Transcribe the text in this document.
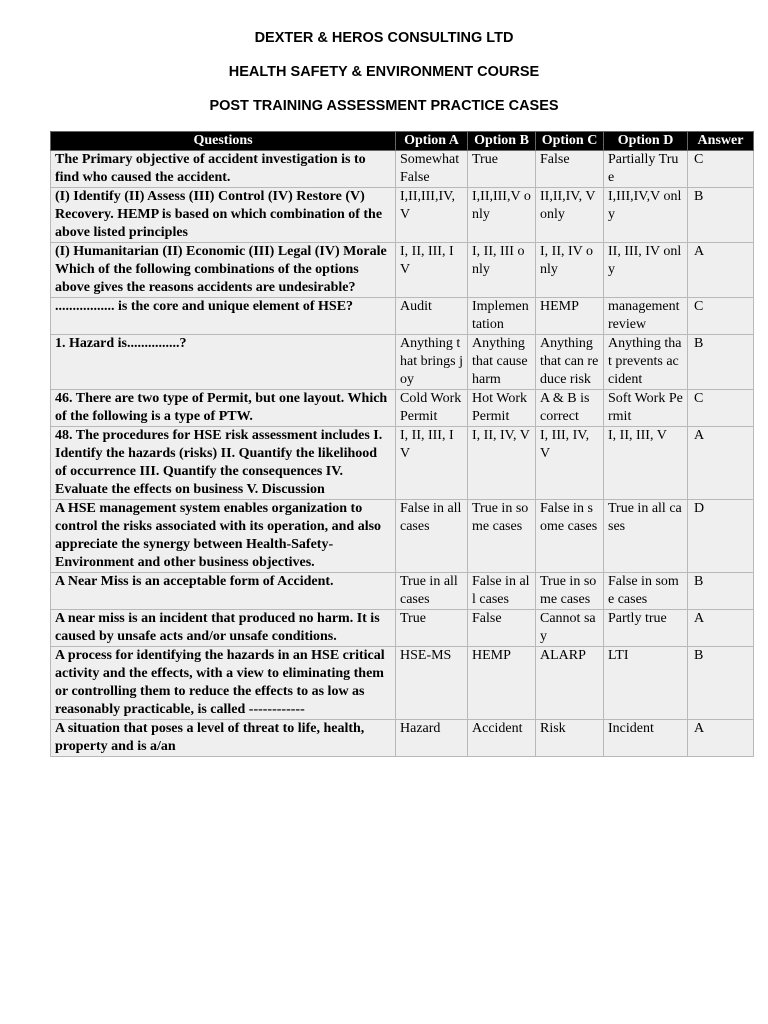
DEXTER & HEROS CONSULTING LTD
HEALTH SAFETY & ENVIRONMENT COURSE
POST TRAINING ASSESSMENT PRACTICE CASES
Questions	Option A	Option B	Option C	Option D	Answer
The Primary objective of accident investigation is to find who caused the accident.	Somewhat False	True	False	Partially True	C
(I) Identify (II) Assess (III) Control (IV) Restore (V) Recovery. HEMP is based on which combination of the above listed principles	I,II,III,IV,V	I,II,III,V only	II,II,IV, V only	I,III,IV,V only	B
(I) Humanitarian (II) Economic (III) Legal (IV) Morale Which of the following combinations of the options above gives the reasons accidents are undesirable?	I, II, III, IV	I, II, III only	I, II, IV only	II, III, IV only	A
................. is the core and unique element of HSE?	Audit	Implementation	HEMP	management review	C
1. Hazard is...............?	Anything that brings joy	Anything that cause harm	Anything that can reduce risk	Anything that prevents accident	B
46. There are two type of Permit, but one layout. Which of the following is a type of PTW.	Cold Work Permit	Hot Work Permit	A & B is correct	Soft Work Permit	C
48. The procedures for HSE risk assessment includes I. Identify the hazards (risks) II. Quantify the likelihood of occurrence III. Quantify the consequences IV. Evaluate the effects on business V. Discussion	I, II, III, IV	I, II, IV, V	I, III, IV, V	I, II, III, V	A
A HSE management system enables organization to control the risks associated with its operation, and also appreciate the synergy between Health-Safety-Environment and other business objectives.	False in all cases	True in some cases	False in some cases	True in all cases	D
A Near Miss is an acceptable form of Accident.	True in all cases	False in all cases	True in some cases	False in some cases	B
A near miss is an incident that produced no harm. It is caused by unsafe acts and/or unsafe conditions.	True	False	Cannot say	Partly true	A
A process for identifying the hazards in an HSE critical activity and the effects, with a view to eliminating them or controlling them to reduce the effects to as low as reasonably practicable, is called ------------	HSE-MS	HEMP	ALARP	LTI	B
A situation that poses a level of threat to life, health, property and is a/an	Hazard	Accident	Risk	Incident	A
